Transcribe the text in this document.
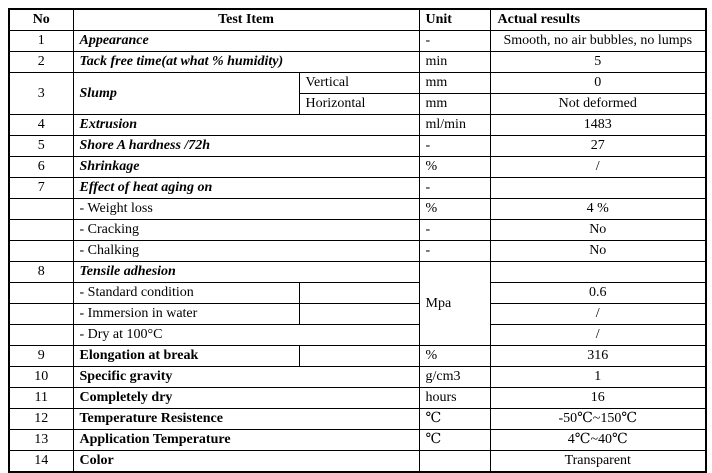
No	Test Item		Unit	Actual results
1	Appearance		-	Smooth, no air bubbles, no lumps
2	Tack free time(at what % humidity)		min	5
3	Slump	Vertical	mm	0
		Horizontal	mm	Not deformed
4	Extrusion		ml/min	1483
5	Shore A hardness /72h		-	27
6	Shrinkage		%	/
7	Effect of heat aging on		-	
	- Weight loss		%	4 %
	- Cracking		-	No
	- Chalking		-	No
8	Tensile adhesion		Mpa	
	- Standard condition			0.6
	- Immersion in water			/
	- Dry at 100°C			/
9	Elongation at break		%	316
10	Specific gravity		g/cm3	1
11	Completely dry		hours	16
12	Temperature Resistence		℃	-50℃~150℃
13	Application Temperature		℃	4℃~40℃
14	Color			Transparent
